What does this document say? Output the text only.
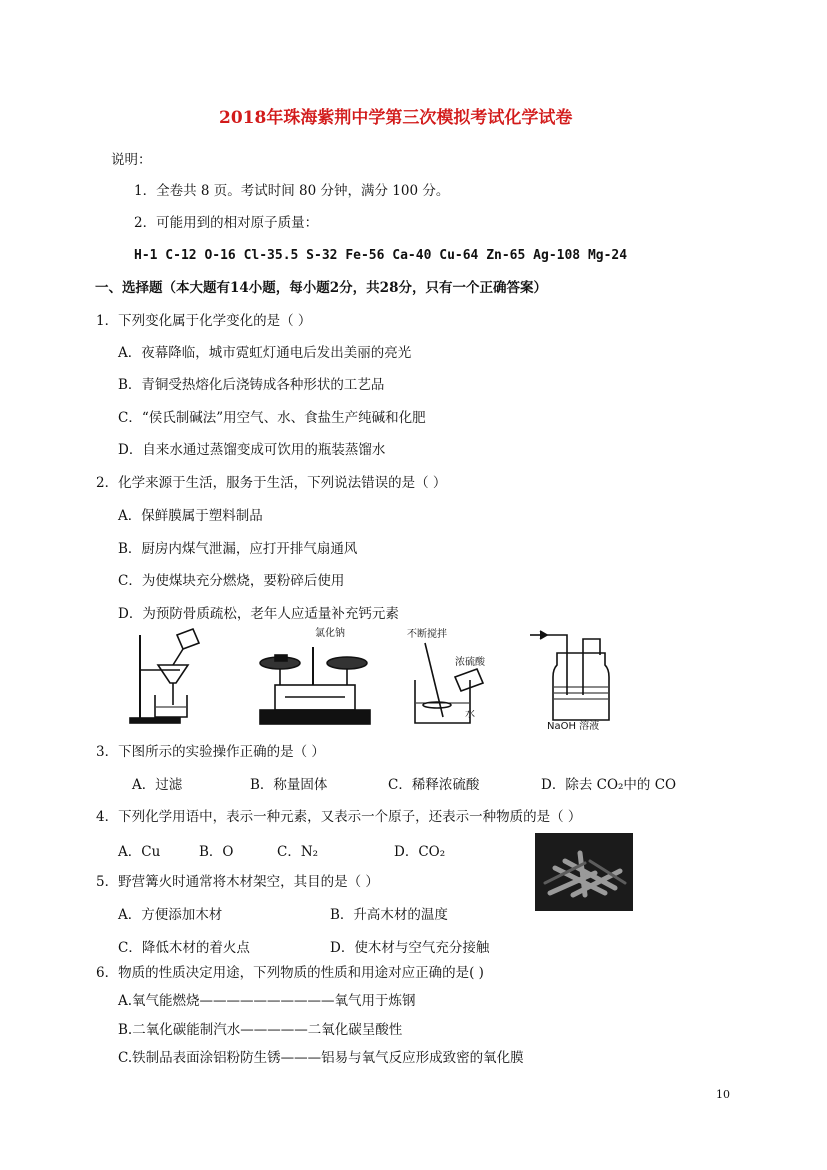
2018年珠海紫荆中学第三次模拟考试化学试卷
说明：
1．全卷共 8 页。考试时间 80 分钟，满分 100 分。
2．可能用到的相对原子质量：
H-1 C-12 O-16 Cl-35.5 S-32 Fe-56 Ca-40 Cu-64 Zn-65 Ag-108 Mg-24
一、选择题（本大题有14小题，每小题2分，共28分，只有一个正确答案）
1．下列变化属于化学变化的是（ ）
A．夜幕降临，城市霓虹灯通电后发出美丽的亮光
B．青铜受热熔化后浇铸成各种形状的工艺品
C．“侯氏制碱法”用空气、水、食盐生产纯碱和化肥
D．自来水通过蒸馏变成可饮用的瓶装蒸馏水
2．化学来源于生活，服务于生活，下列说法错误的是（ ）
A．保鲜膜属于塑料制品
B．厨房内煤气泄漏，应打开排气扇通风
C．为使煤块充分燃烧，要粉碎后使用
D．为预防骨质疏松，老年人应适量补充钙元素
氯化钠	不断搅拌
浓硫酸
水
NaOH 溶液
3．下图所示的实验操作正确的是（ ）
A．过滤	B．称量固体	C．稀释浓硫酸	D．除去 CO₂中的 CO
4．下列化学用语中，表示一种元素，又表示一个原子，还表示一种物质的是（ ）
A．Cu	B．O	C．N₂	D．CO₂
5．野营篝火时通常将木材架空，其目的是（ ）
A．方便添加木材	B．升高木材的温度
C．降低木材的着火点	D．使木材与空气充分接触
6．物质的性质决定用途，下列物质的性质和用途对应正确的是( )
A.氧气能燃烧——————————氧气用于炼钢
B.二氧化碳能制汽水—————二氧化碳呈酸性
C.铁制品表面涂铝粉防生锈———铝易与氧气反应形成致密的氧化膜
10
